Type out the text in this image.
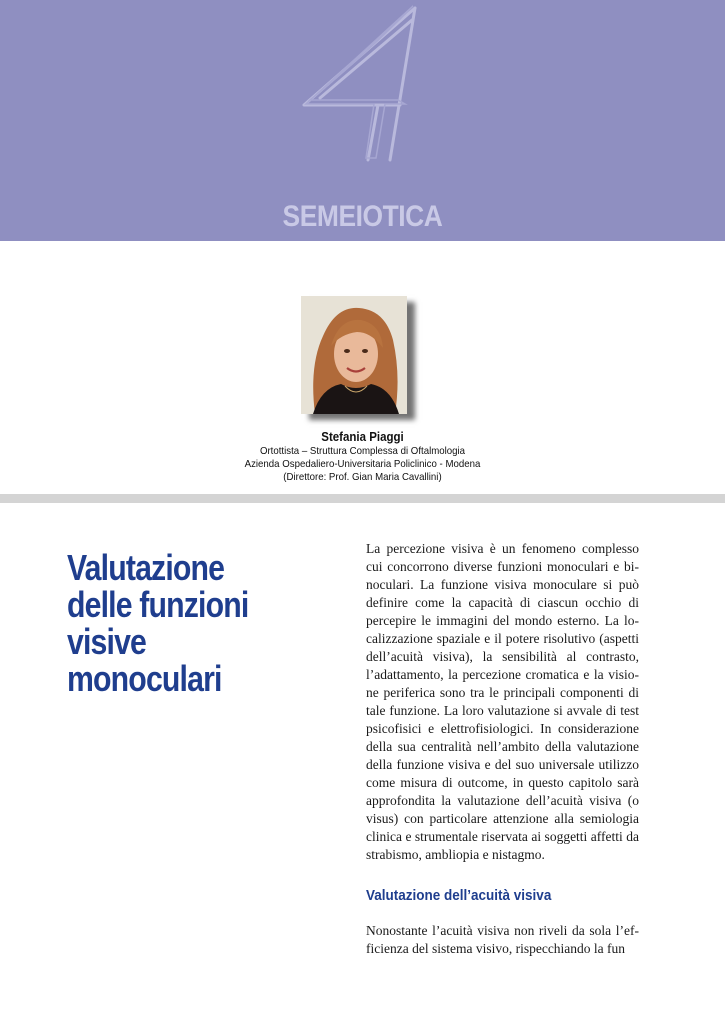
4
SEMEIOTICA
Stefania Piaggi
Ortottista – Struttura Complessa di Oftalmologia
Azienda Ospedaliero-Universitaria Policlinico - Modena
(Direttore: Prof. Gian Maria Cavallini)
Valutazione
delle funzioni
visive
monoculari
La percezione visiva è un fenomeno complesso cui concorrono diverse funzioni monoculari e binoculari. La funzione visiva monoculare si può definire come la capacità di ciascun occhio di percepire le immagini del mondo esterno. La localizzazione spaziale e il potere risolutivo (aspetti dell’acuità visiva), la sensibilità al contrasto, l’adattamento, la percezione cromatica e la visione periferica sono tra le principali componenti di tale funzione. La loro valutazione si avvale di test psicofisici e elettrofisiologici. In considerazione della sua centralità nell’ambito della valutazione della funzione visiva e del suo universale utilizzo come misura di outcome, in questo capitolo sarà approfondita la valutazione dell’acuità visiva (o visus) con particolare attenzione alla semiologia clinica e strumentale riservata ai soggetti affetti da strabismo, ambliopia e nistagmo.
Valutazione dell’acuità visiva
Nonostante l’acuità visiva non riveli da sola l’efficienza del sistema visivo, rispecchiando la fun
